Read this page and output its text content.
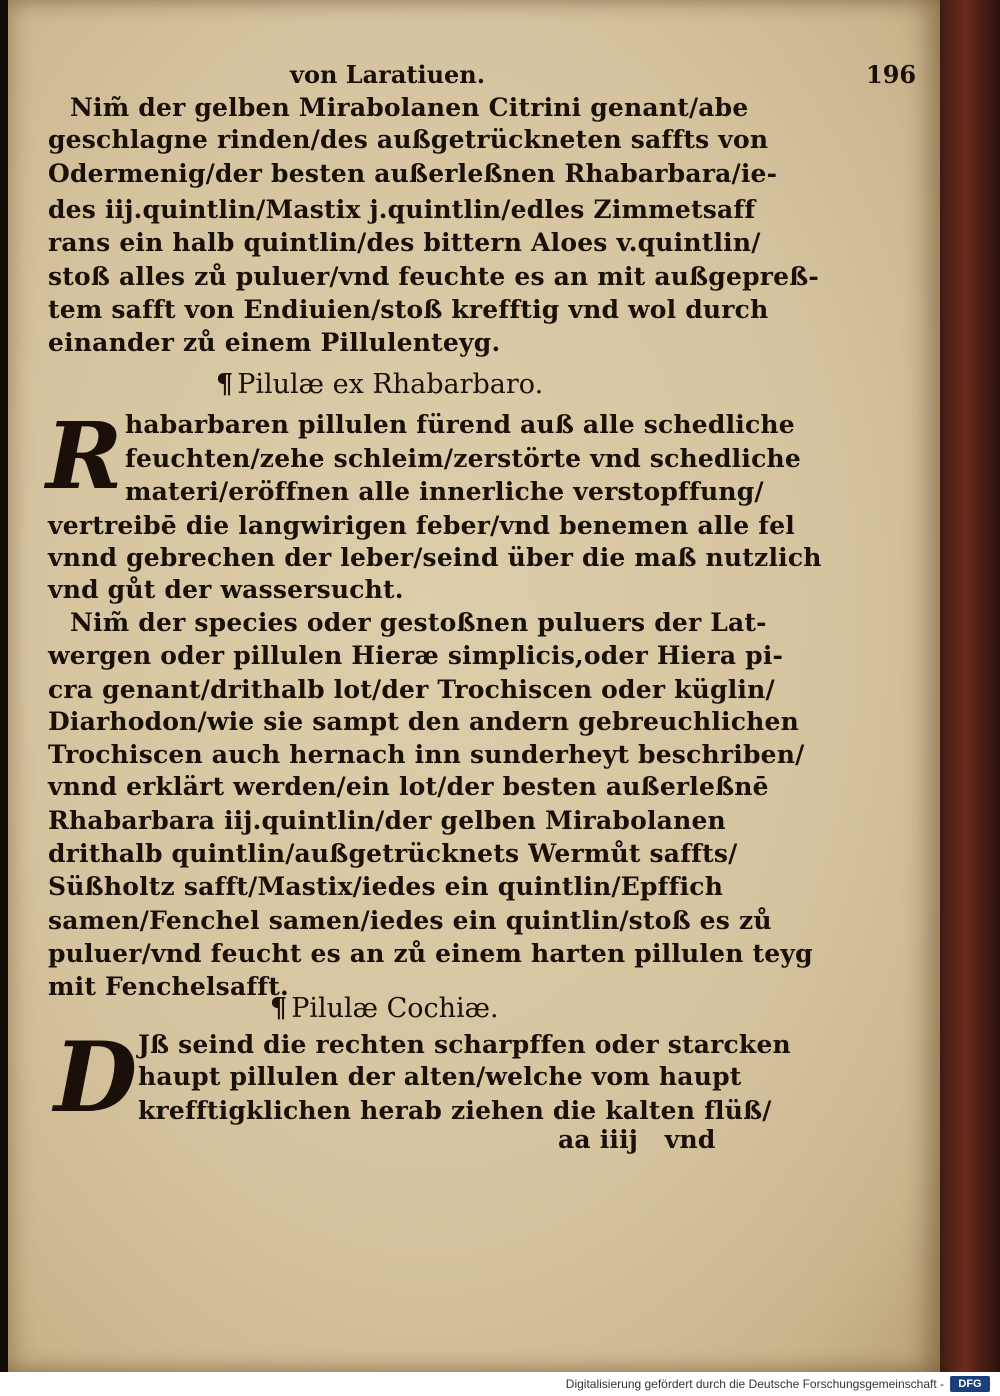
von Laratiuen.	196

Nim̃ der gelben Mirabolanen Citrini genant/abe

geschlagne rinden/des außgetrückneten saffts von

Odermenig/der besten außerleßnen Rhabarbara/ie-

des iij.quintlin/Mastix j.quintlin/edles Zimmetsaff

rans ein halb quintlin/des bittern Aloes v.quintlin/

stoß alles zů puluer/vnd feuchte es an mit außgepreß-

tem safft von Endiuien/stoß krefftig vnd wol durch

einander zů einem Pillulenteyg.

¶ Pilulæ ex Rhabarbaro.
R habarbaren pillulen fürend auß alle schedliche

feuchten/zehe schleim/zerstörte vnd schedliche

materi/eröffnen alle innerliche verstopffung/

vertreibē die langwirigen feber/vnd benemen alle fel

vnnd gebrechen der leber/seind über die maß nutzlich

vnd gůt der wassersucht.

Nim̃ der species oder gestoßnen puluers der Lat-

wergen oder pillulen Hieræ simplicis,oder Hiera pi-

cra genant/drithalb lot/der Trochiscen oder küglin/

Diarhodon/wie sie sampt den andern gebreuchlichen

Trochiscen auch hernach inn sunderheyt beschriben/

vnnd erklärt werden/ein lot/der besten außerleßnē

Rhabarbara iij.quintlin/der gelben Mirabolanen

drithalb quintlin/außgetrücknets Wermůt saffts/

Süßholtz safft/Mastix/iedes ein quintlin/Epffich

samen/Fenchel samen/iedes ein quintlin/stoß es zů

puluer/vnd feucht es an zů einem harten pillulen teyg

mit Fenchelsafft.

¶ Pilulæ Cochiæ.
D Jß seind die rechten scharpffen oder starcken

haupt pillulen der alten/welche vom haupt

krefftigklichen herab ziehen die kalten flüß/

aa iiij   vnd

Digitalisierung gefördert durch die Deutsche Forschungsgemeinschaft -	DFG
